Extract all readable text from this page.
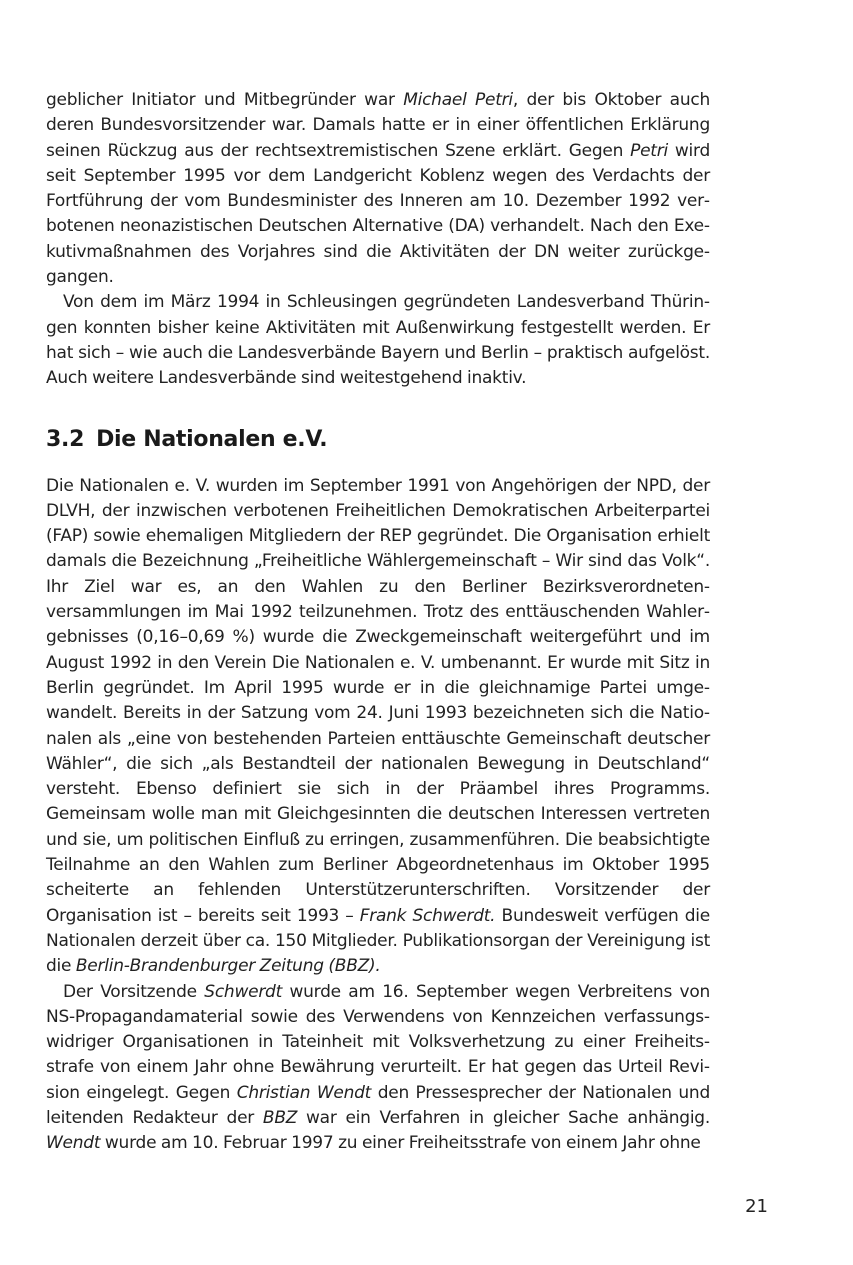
geblicher Initiator und Mitbegründer war Michael Petri, der bis Oktober auch deren Bundesvorsitzender war. Damals hatte er in einer öffentlichen Erklärung seinen Rückzug aus der rechtsextremistischen Szene erklärt. Gegen Petri wird seit September 1995 vor dem Landgericht Koblenz wegen des Verdachts der Fortführung der vom Bundesminister des Inneren am 10. Dezember 1992 verbotenen neonazistischen Deutschen Alternative (DA) verhandelt. Nach den Exekutivmaßnahmen des Vorjahres sind die Aktivitäten der DN weiter zurückgegangen.

Von dem im März 1994 in Schleusingen gegründeten Landesverband Thüringen konnten bisher keine Aktivitäten mit Außenwirkung festgestellt werden. Er hat sich – wie auch die Landesverbände Bayern und Berlin – praktisch aufgelöst. Auch weitere Landesverbände sind weitestgehend inaktiv.

3.2 Die Nationalen e.V.

Die Nationalen e. V. wurden im September 1991 von Angehörigen der NPD, der DLVH, der inzwischen verbotenen Freiheitlichen Demokratischen Arbeiterpartei (FAP) sowie ehemaligen Mitgliedern der REP gegründet. Die Organisation erhielt damals die Bezeichnung „Freiheitliche Wählergemeinschaft – Wir sind das Volk“. Ihr Ziel war es, an den Wahlen zu den Berliner Bezirksverordnetenversammlungen im Mai 1992 teilzunehmen. Trotz des enttäuschenden Wahlergebnisses (0,16–0,69 %) wurde die Zweckgemeinschaft weitergeführt und im August 1992 in den Verein Die Nationalen e. V. umbenannt. Er wurde mit Sitz in Berlin gegründet. Im April 1995 wurde er in die gleichnamige Partei umgewandelt. Bereits in der Satzung vom 24. Juni 1993 bezeichneten sich die Nationalen als „eine von bestehenden Parteien enttäuschte Gemeinschaft deutscher Wähler“, die sich „als Bestandteil der nationalen Bewegung in Deutschland“ versteht. Ebenso definiert sie sich in der Präambel ihres Programms. Gemeinsam wolle man mit Gleichgesinnten die deutschen Interessen vertreten und sie, um politischen Einfluß zu erringen, zusammenführen. Die beabsichtigte Teilnahme an den Wahlen zum Berliner Abgeordnetenhaus im Oktober 1995 scheiterte an fehlenden Unterstützerunterschriften. Vorsitzender der Organisation ist – bereits seit 1993 – Frank Schwerdt. Bundesweit verfügen die Nationalen derzeit über ca. 150 Mitglieder. Publikationsorgan der Vereinigung ist die Berlin-Brandenburger Zeitung (BBZ).

Der Vorsitzende Schwerdt wurde am 16. September wegen Verbreitens von NS-Propagandamaterial sowie des Verwendens von Kennzeichen verfassungswidriger Organisationen in Tateinheit mit Volksverhetzung zu einer Freiheitsstrafe von einem Jahr ohne Bewährung verurteilt. Er hat gegen das Urteil Revision eingelegt. Gegen Christian Wendt den Pressesprecher der Nationalen und leitenden Redakteur der BBZ war ein Verfahren in gleicher Sache anhängig. Wendt wurde am 10. Februar 1997 zu einer Freiheitsstrafe von einem Jahr ohne

21
